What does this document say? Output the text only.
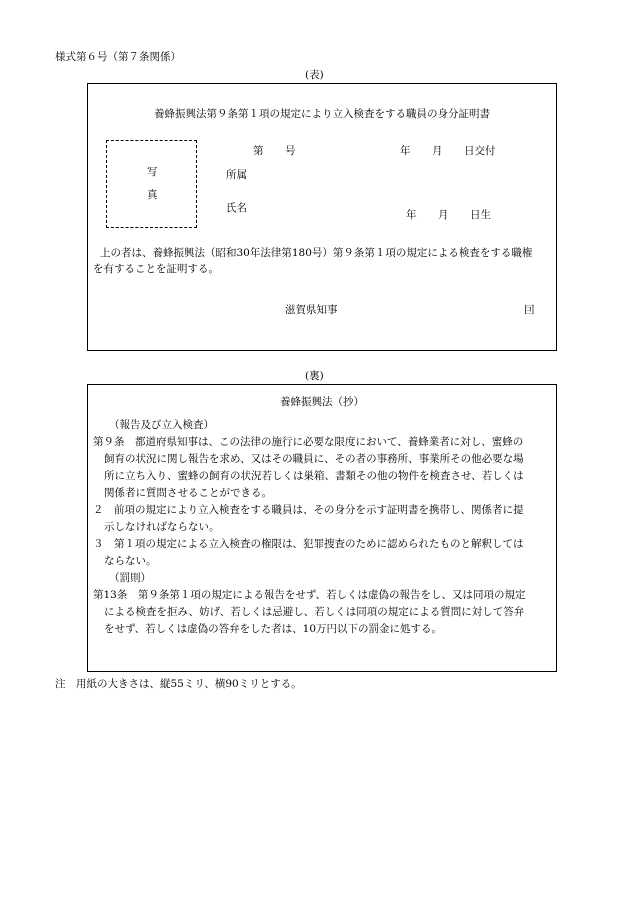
様式第６号（第７条関係）
(表)
養蜂振興法第９条第１項の規定により立入検査をする職員の身分証明書
写
真
第 号	年 月 日交付
所属
氏名
年 月 日生
上の者は、養蜂振興法（昭和30年法律第180号）第９条第１項の規定による検査をする職権
を有することを証明する。
滋賀県知事	囙
(裏)
養蜂振興法（抄）
（報告及び立入検査）
第９条　都道府県知事は、この法律の施行に必要な限度において、養蜂業者に対し、蜜蜂の
飼育の状況に関し報告を求め、又はその職員に、その者の事務所、事業所その他必要な場
所に立ち入り、蜜蜂の飼育の状況若しくは巣箱、書類その他の物件を検査させ、若しくは
関係者に質問させることができる。
２　前項の規定により立入検査をする職員は、その身分を示す証明書を携帯し、関係者に提
示しなければならない。
３　第１項の規定による立入検査の権限は、犯罪捜査のために認められたものと解釈しては
ならない。
（罰則）
第13条　第９条第１項の規定による報告をせず、若しくは虚偽の報告をし、又は同項の規定
による検査を拒み、妨げ、若しくは忌避し、若しくは同項の規定による質問に対して答弁
をせず、若しくは虚偽の答弁をした者は、10万円以下の罰金に処する。
注　用紙の大きさは、縦55ミリ、横90ミリとする。
